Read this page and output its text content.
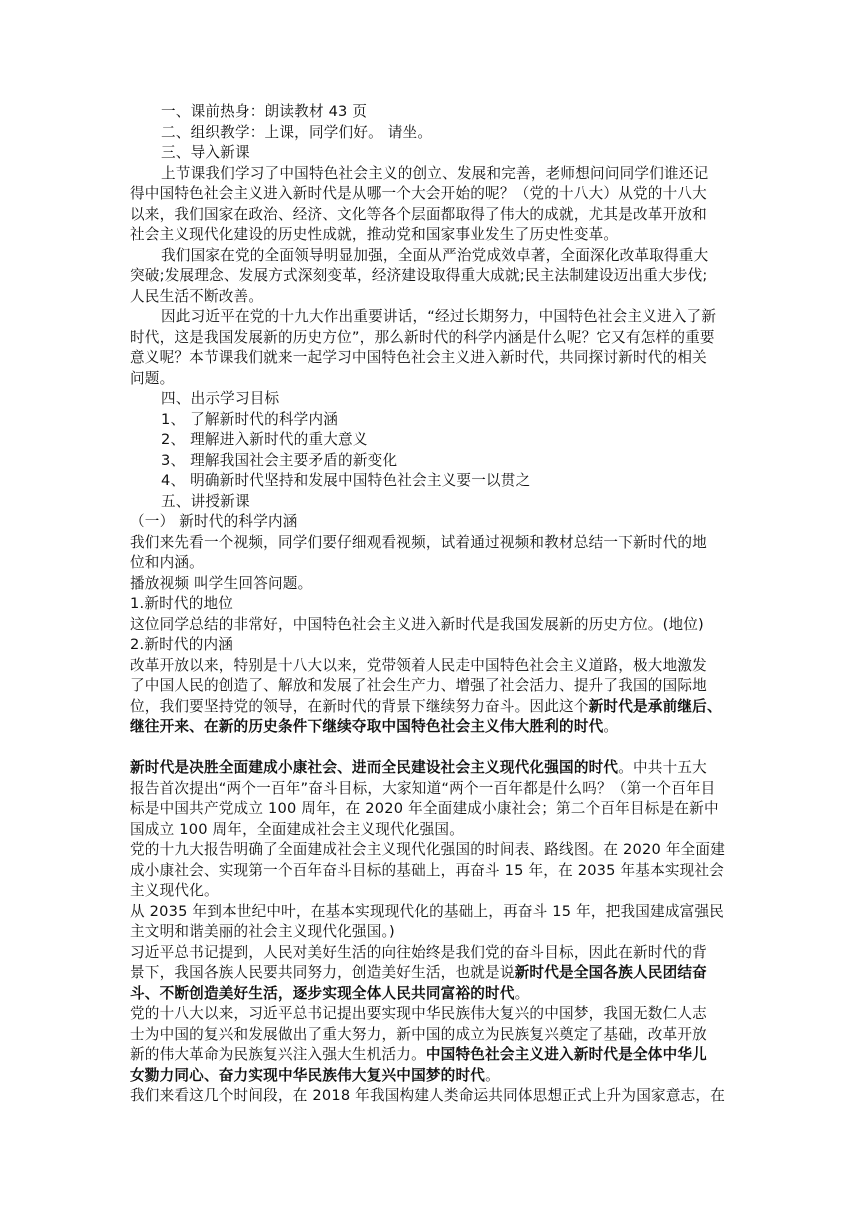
一、课前热身：朗读教材 43 页
二、组织教学：上课，同学们好。 请坐。
三、导入新课
上节课我们学习了中国特色社会主义的创立、发展和完善，老师想问问同学们谁还记
得中国特色社会主义进入新时代是从哪一个大会开始的呢？（党的十八大）从党的十八大
以来，我们国家在政治、经济、文化等各个层面都取得了伟大的成就，尤其是改革开放和
社会主义现代化建设的历史性成就，推动党和国家事业发生了历史性变革。
我们国家在党的全面领导明显加强，全面从严治党成效卓著，全面深化改革取得重大
突破;发展理念、发展方式深刻变革，经济建设取得重大成就;民主法制建设迈出重大步伐;
人民生活不断改善。
因此习近平在党的十九大作出重要讲话，“经过长期努力，中国特色社会主义进入了新
时代，这是我国发展新的历史方位”，那么新时代的科学内涵是什么呢？它又有怎样的重要
意义呢？本节课我们就来一起学习中国特色社会主义进入新时代，共同探讨新时代的相关
问题。
四、出示学习目标
1、 了解新时代的科学内涵
2、 理解进入新时代的重大意义
3、 理解我国社会主要矛盾的新变化
4、 明确新时代坚持和发展中国特色社会主义要一以贯之
五、讲授新课
（一） 新时代的科学内涵
我们来先看一个视频，同学们要仔细观看视频，试着通过视频和教材总结一下新时代的地
位和内涵。
播放视频 叫学生回答问题。
1.新时代的地位
这位同学总结的非常好，中国特色社会主义进入新时代是我国发展新的历史方位。(地位)
2.新时代的内涵
改革开放以来，特别是十八大以来，党带领着人民走中国特色社会主义道路，极大地激发
了中国人民的创造了、解放和发展了社会生产力、增强了社会活力、提升了我国的国际地
位，我们要坚持党的领导，在新时代的背景下继续努力奋斗。因此这个新时代是承前继后、
继往开来、在新的历史条件下继续夺取中国特色社会主义伟大胜利的时代。
新时代是决胜全面建成小康社会、进而全民建设社会主义现代化强国的时代。中共十五大
报告首次提出“两个一百年”奋斗目标，大家知道“两个一百年都是什么吗？（第一个百年目
标是中国共产党成立 100 周年，在 2020 年全面建成小康社会；第二个百年目标是在新中
国成立 100 周年，全面建成社会主义现代化强国。
党的十九大报告明确了全面建成社会主义现代化强国的时间表、路线图。在 2020 年全面建
成小康社会、实现第一个百年奋斗目标的基础上，再奋斗 15 年，在 2035 年基本实现社会
主义现代化。
从 2035 年到本世纪中叶，在基本实现现代化的基础上，再奋斗 15 年，把我国建成富强民
主文明和谐美丽的社会主义现代化强国。)
习近平总书记提到，人民对美好生活的向往始终是我们党的奋斗目标，因此在新时代的背
景下，我国各族人民要共同努力，创造美好生活，也就是说新时代是全国各族人民团结奋
斗、不断创造美好生活，逐步实现全体人民共同富裕的时代。
党的十八大以来，习近平总书记提出要实现中华民族伟大复兴的中国梦，我国无数仁人志
士为中国的复兴和发展做出了重大努力，新中国的成立为民族复兴奠定了基础，改革开放
新的伟大革命为民族复兴注入强大生机活力。中国特色社会主义进入新时代是全体中华儿
女勠力同心、奋力实现中华民族伟大复兴中国梦的时代。
我们来看这几个时间段，在 2018 年我国构建人类命运共同体思想正式上升为国家意志，在
